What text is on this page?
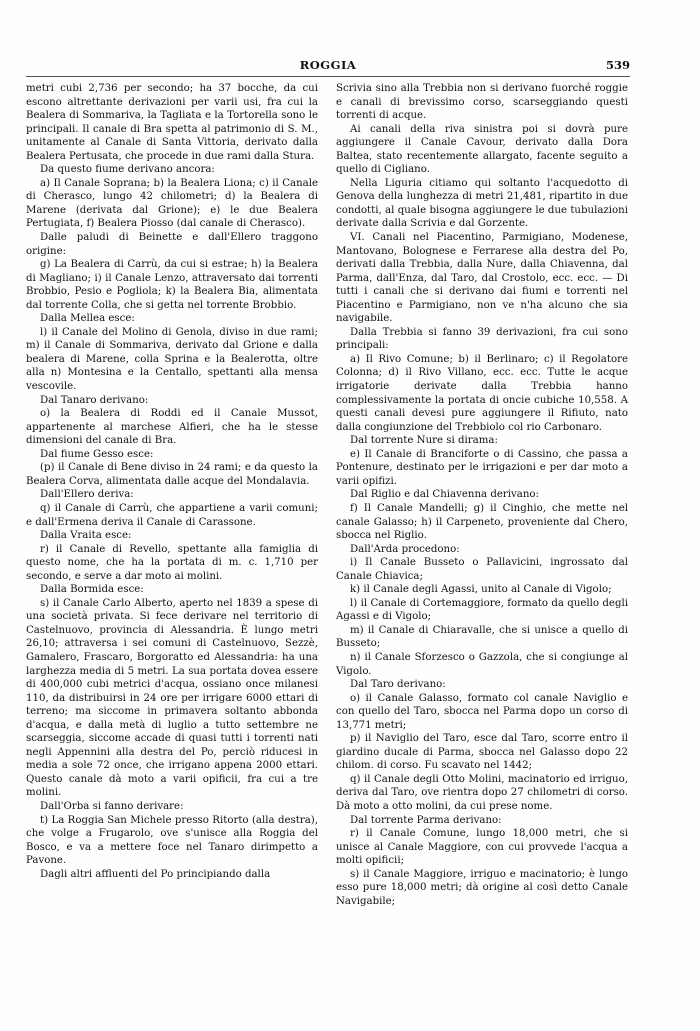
ROGGIA	539

metri cubi 2,736 per secondo; ha 37 bocche, da cui escono altrettante derivazioni per varii usi, fra cui la Bealera di Sommariva, la Tagliata e la Tortorella sono le principali. Il canale di Bra spetta al patrimonio di S. M., unitamente al Canale di Santa Vittoria, derivato dalla Bealera Pertusata, che procede in due rami dalla Stura.

Da questo fiume derivano ancora:

a) Il Canale Soprana; b) la Bealera Liona; c) il Canale di Cherasco, lungo 42 chilometri; d) la Bealera di Marene (derivata dal Grione); e) le due Bealera Pertugiata, f) Bealera Piosso (dal canale di Cherasco).

Dalle paludi di Beinette e dall'Ellero traggono origine:

g) La Bealera di Carrù, da cui si estrae; h) la Bealera di Magliano; i) il Canale Lenzo, attraversato dai torrenti Brobbio, Pesio e Pogliola; k) la Bealera Bia, alimentata dal torrente Colla, che si getta nel torrente Brobbio.

Dalla Mellea esce:

l) il Canale del Molino di Genola, diviso in due rami; m) il Canale di Sommariva, derivato dal Grione e dalla bealera di Marene, colla Sprina e la Bealerotta, oltre alla n) Montesina e la Centallo, spettanti alla mensa vescovile.

Dal Tanaro derivano:

o) la Bealera di Roddi ed il Canale Mussot, appartenente al marchese Alfieri, che ha le stesse dimensioni del canale di Bra.

Dal fiume Gesso esce:

(p) il Canale di Bene diviso in 24 rami; e da questo la Bealera Corva, alimentata dalle acque del Mondalavia.

Dall'Ellero deriva:

q) il Canale di Carrù, che appartiene a varii comuni; e dall'Ermena deriva il Canale di Carassone.

Dalla Vraita esce:

r) il Canale di Revello, spettante alla famiglia di questo nome, che ha la portata di m. c. 1,710 per secondo, e serve a dar moto ai molini.

Dalla Bormida esce:

s) il Canale Carlo Alberto, aperto nel 1839 a spese di una società privata. Si fece derivare nel territorio di Castelnuovo, provincia di Alessandria. È lungo metri 26,10; attraversa i sei comuni di Castelnuovo, Sezzè, Gamalero, Frascaro, Borgoratto ed Alessandria: ha una larghezza media di 5 metri. La sua portata dovea essere di 400,000 cubi metrici d'acqua, ossiano once milanesi 110, da distribuirsi in 24 ore per irrigare 6000 ettari di terreno; ma siccome in primavera soltanto abbonda d'acqua, e dalla metà di luglio a tutto settembre ne scarseggia, siccome accade di quasi tutti i torrenti nati negli Appennini alla destra del Po, perciò riducesi in media a sole 72 once, che irrigano appena 2000 ettari. Questo canale dà moto a varii opificii, fra cui a tre molini.

Dall'Orba si fanno derivare:

t) La Roggia San Michele presso Ritorto (alla destra), che volge a Frugarolo, ove s'unisce alla Roggia del Bosco, e va a mettere foce nel Tanaro dirimpetto a Pavone.

Dagli altri affluenti del Po principiando dalla

Scrivia sino alla Trebbia non si derivano fuorché roggie e canali di brevissimo corso, scarseggiando questi torrenti di acque.

Ai canali della riva sinistra poi si dovrà pure aggiungere il Canale Cavour, derivato dalla Dora Baltea, stato recentemente allargato, facente seguito a quello di Cigliano.

Nella Liguria citiamo qui soltanto l'acquedotto di Genova della lunghezza di metri 21,481, ripartito in due condotti, al quale bisogna aggiungere le due tubulazioni derivate dalla Scrivia e dal Gorzente.

VI. Canali nel Piacentino, Parmigiano, Modenese, Mantovano, Bolognese e Ferrarese alla destra del Po, derivati dalla Trebbia, dalla Nure, dalla Chiavenna, dal Parma, dall'Enza, dal Taro, dal Crostolo, ecc. ecc. — Di tutti i canali che si derivano dai fiumi e torrenti nel Piacentino e Parmigiano, non ve n'ha alcuno che sia navigabile.

Dalla Trebbia si fanno 39 derivazioni, fra cui sono principali:

a) Il Rivo Comune; b) il Berlinaro; c) il Regolatore Colonna; d) il Rivo Villano, ecc. ecc. Tutte le acque irrigatorie derivate dalla Trebbia hanno complessivamente la portata di oncie cubiche 10,558. A questi canali devesi pure aggiungere il Rifiuto, nato dalla congiunzione del Trebbiolo col rio Carbonaro.

Dal torrente Nure si dirama:

e) Il Canale di Branciforte o di Cassino, che passa a Pontenure, destinato per le irrigazioni e per dar moto a varii opifizi.

Dal Riglio e dal Chiavenna derivano:

f) Il Canale Mandelli; g) il Cinghio, che mette nel canale Galasso; h) il Carpeneto, proveniente dal Chero, sbocca nel Riglio.

Dall'Arda procedono:

i) Il Canale Busseto o Pallavicini, ingrossato dal Canale Chiavica;

k) il Canale degli Agassi, unito al Canale di Vigolo;

l) il Canale di Cortemaggiore, formato da quello degli Agassi e di Vigolo;

m) il Canale di Chiaravalle, che si unisce a quello di Busseto;

n) il Canale Sforzesco o Gazzola, che si congiunge al Vigolo.

Dal Taro derivano:

o) il Canale Galasso, formato col canale Naviglio e con quello del Taro, sbocca nel Parma dopo un corso di 13,771 metri;

p) il Naviglio del Taro, esce dal Taro, scorre entro il giardino ducale di Parma, sbocca nel Galasso dopo 22 chilom. di corso. Fu scavato nel 1442;

q) il Canale degli Otto Molini, macinatorio ed irriguo, deriva dal Taro, ove rientra dopo 27 chilometri di corso. Dà moto a otto molini, da cui prese nome.

Dal torrente Parma derivano:

r) il Canale Comune, lungo 18,000 metri, che si unisce al Canale Maggiore, con cui provvede l'acqua a molti opificii;

s) il Canale Maggiore, irriguo e macinatorio; è lungo esso pure 18,000 metri; dà origine al così detto Canale Navigabile;
